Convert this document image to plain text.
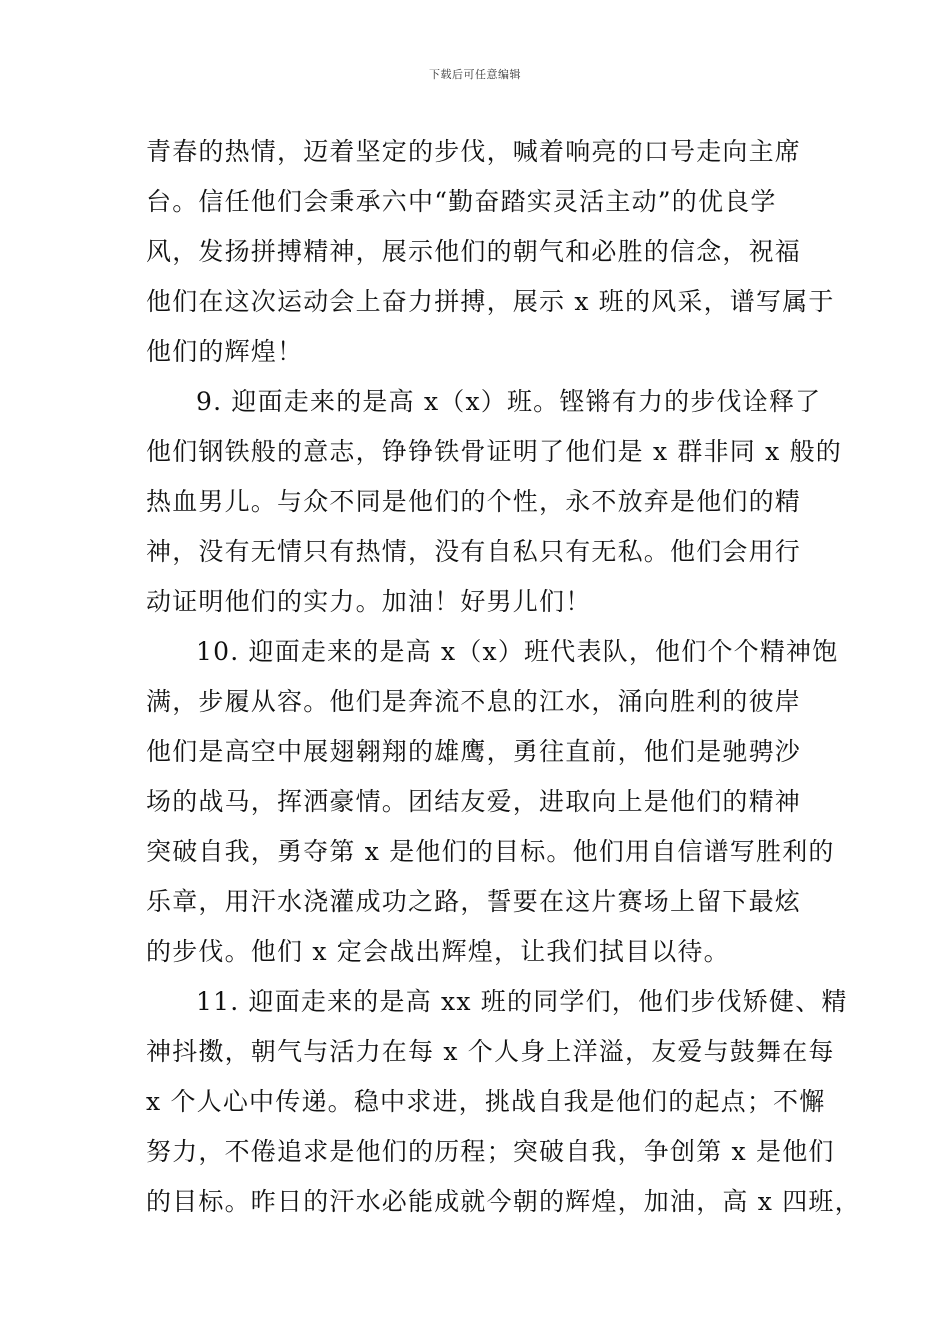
下载后可任意编辑
青春的热情，迈着坚定的步伐，喊着响亮的口号走向主席
台。信任他们会秉承六中“勤奋踏实灵活主动”的优良学
风，发扬拼搏精神，展示他们的朝气和必胜的信念，祝福
他们在这次运动会上奋力拼搏，展示 x 班的风采，谱写属于
他们的辉煌！
9. 迎面走来的是高 x（x）班。铿锵有力的步伐诠释了
他们钢铁般的意志，铮铮铁骨证明了他们是 x 群非同 x 般的
热血男儿。与众不同是他们的个性，永不放弃是他们的精
神，没有无情只有热情，没有自私只有无私。他们会用行
动证明他们的实力。加油！好男儿们！
10. 迎面走来的是高 x（x）班代表队，他们个个精神饱
满，步履从容。他们是奔流不息的江水，涌向胜利的彼岸
他们是高空中展翅翱翔的雄鹰，勇往直前，他们是驰骋沙
场的战马，挥洒豪情。团结友爱，进取向上是他们的精神
突破自我，勇夺第 x 是他们的目标。他们用自信谱写胜利的
乐章，用汗水浇灌成功之路，誓要在这片赛场上留下最炫
的步伐。他们 x 定会战出辉煌，让我们拭目以待。
11. 迎面走来的是高 xx 班的同学们，他们步伐矫健、精
神抖擞，朝气与活力在每 x 个人身上洋溢，友爱与鼓舞在每
x 个人心中传递。稳中求进，挑战自我是他们的起点；不懈
努力，不倦追求是他们的历程；突破自我，争创第 x 是他们
的目标。昨日的汗水必能成就今朝的辉煌，加油，高 x 四班，
